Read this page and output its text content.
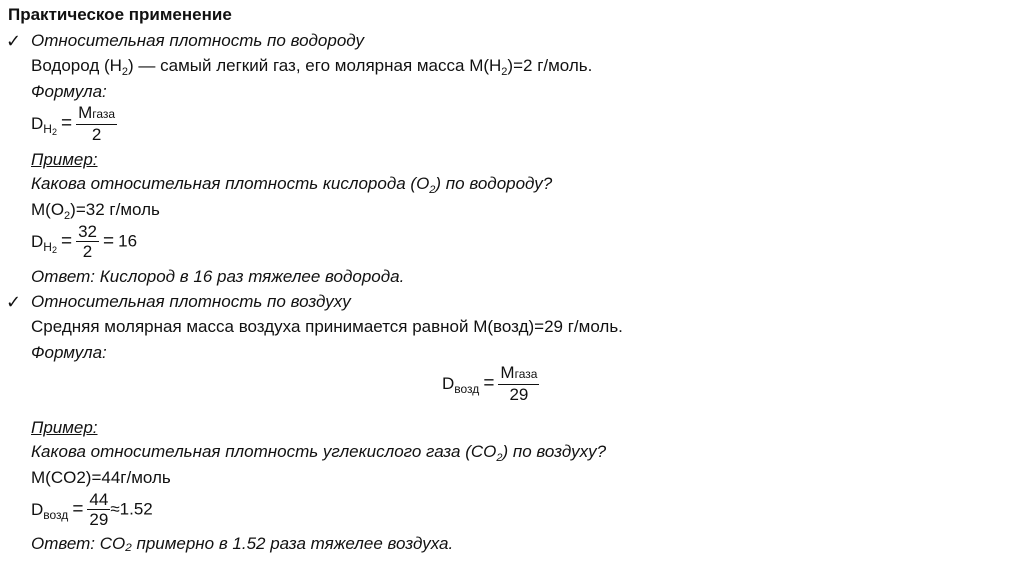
Практическое применение
✓ Относительная плотность по водороду
Водород $(H_2)$ — самый легкий газ, его молярная масса $M(H_2)=2$ г/моль.
Формула:
$D_{H2} = \frac{\text{Mгаза}}{2}$
Пример:
Какова относительная плотность кислорода $(O_2)$ по водороду?
$M(O_2)=32$ г/моль
$D_{H2} = \frac{32}{2} = 16$
Ответ: Кислород в 16 раз тяжелее водорода.
✓ Относительная плотность по воздуху
Средняя молярная масса воздуха принимается равной M(возд)=29 г/моль.
Формула:
$D_{возд} = \frac{\text{Mгаза}}{29}$
Пример:
Какова относительная плотность углекислого газа $(CO_2)$ по воздуху?
M(CO2)=44г/моль
$D_{возд} = \frac{44}{29} \approx 1.52$
Ответ: CO₂ примерно в 1.52 раза тяжелее воздуха.
